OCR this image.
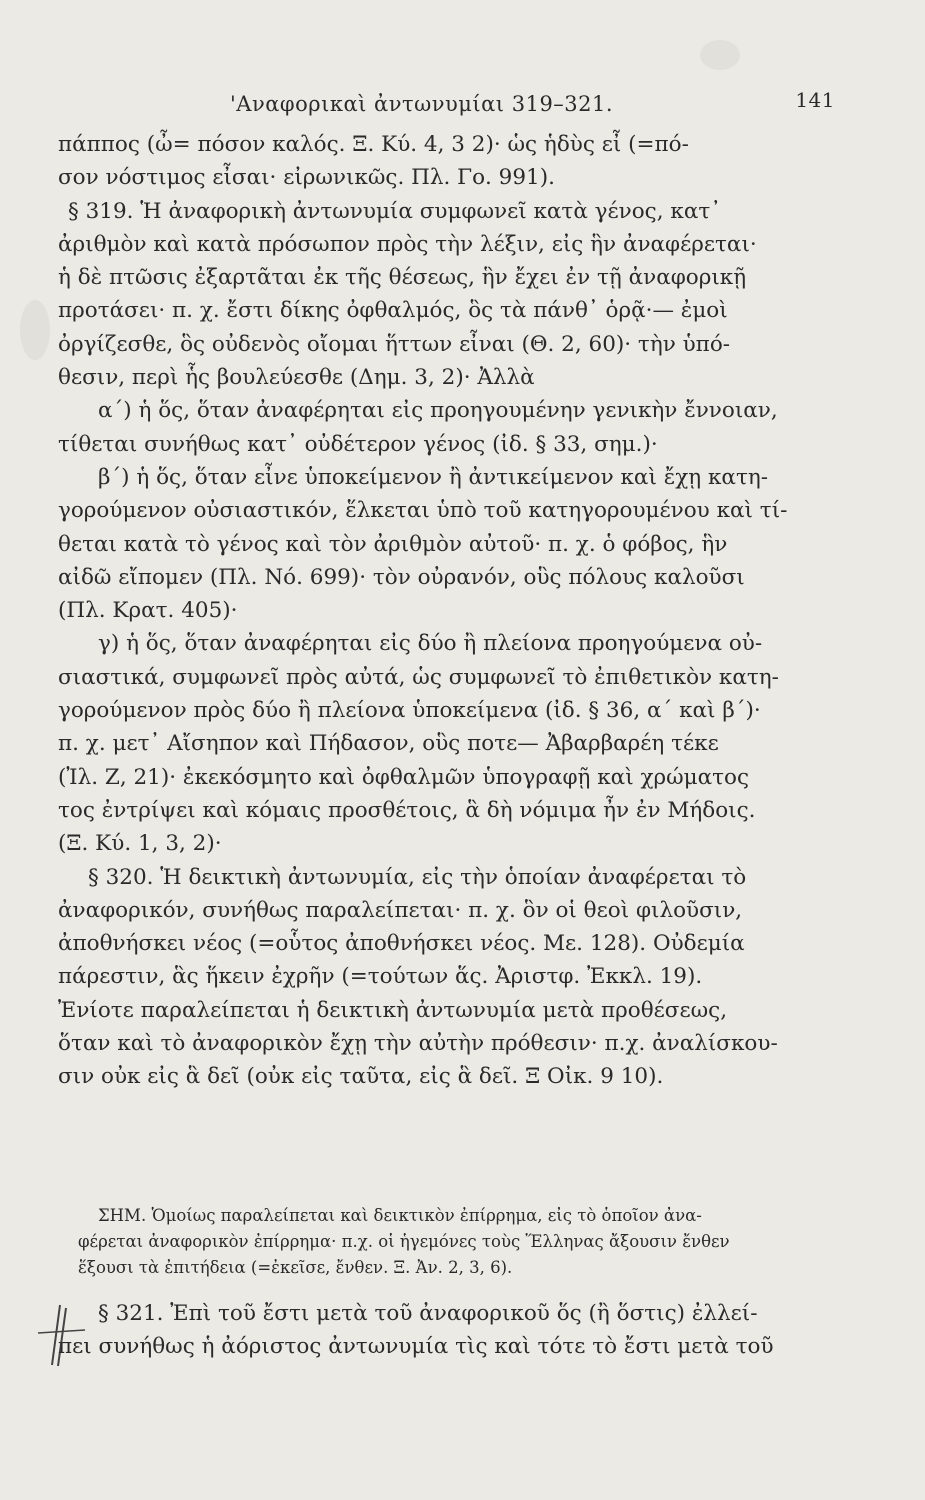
'Αναφορικαὶ ἀντωνυμίαι 319–321.	141
πάππος (ὦ= πόσον καλός. Ξ. Κύ. 4, 3 2)· ὡς ἡδὺς εἶ (=πό-
σον νόστιμος εἶσαι· εἰρωνικῶς. Πλ. Γο. 991).
§ 319. Ἡ ἀναφορικὴ ἀντωνυμία συμφωνεῖ κατὰ γένος, κατ᾽
ἀριθμὸν καὶ κατὰ πρόσωπον πρὸς τὴν λέξιν, εἰς ἣν ἀναφέρεται·
ἡ δὲ πτῶσις ἐξαρτᾶται ἐκ τῆς θέσεως, ἣν ἔχει ἐν τῇ ἀναφορικῇ
προτάσει· π. χ. ἔστι δίκης ὀφθαλμός, ὃς τὰ πάνθ᾽ ὁρᾷ·— ἐμοὶ
ὀργίζεσθε, ὃς οὐδενὸς οἴομαι ἥττων εἶναι (Θ. 2, 60)· τὴν ὑπό-
θεσιν, περὶ ἧς βουλεύεσθε (Δημ. 3, 2)· Ἀλλὰ
α΄) ἡ ὅς, ὅταν ἀναφέρηται εἰς προηγουμένην γενικὴν ἔννοιαν,
τίθεται συνήθως κατ᾽ οὐδέτερον γένος (ἰδ. § 33, σημ.)·
β΄) ἡ ὅς, ὅταν εἶνε ὑποκείμενον ἢ ἀντικείμενον καὶ ἔχῃ κατη-
γορούμενον οὐσιαστικόν, ἕλκεται ὑπὸ τοῦ κατηγορουμένου καὶ τί-
θεται κατὰ τὸ γένος καὶ τὸν ἀριθμὸν αὐτοῦ· π. χ. ὁ φόβος, ἣν
αἰδῶ εἴπομεν (Πλ. Νό. 699)· τὸν οὐρανόν, οὓς πόλους καλοῦσι
(Πλ. Κρατ. 405)·
γ) ἡ ὅς, ὅταν ἀναφέρηται εἰς δύο ἢ πλείονα προηγούμενα οὐ-
σιαστικά, συμφωνεῖ πρὸς αὐτά, ὡς συμφωνεῖ τὸ ἐπιθετικὸν κατη-
γορούμενον πρὸς δύο ἢ πλείονα ὑποκείμενα (ἰδ. § 36, α΄ καὶ β΄)·
π. χ. μετ᾽ Αἴσηπον καὶ Πήδασον, οὓς ποτε— Ἀβαρβαρέη τέκε
(Ἰλ. Ζ, 21)· ἐκεκόσμητο καὶ ὀφθαλμῶν ὑπογραφῇ καὶ χρώματος
τος ἐντρίψει καὶ κόμαις προσθέτοις, ἃ δὴ νόμιμα ἦν ἐν Μήδοις.
(Ξ. Κύ. 1, 3, 2)·
§ 320. Ἡ δεικτικὴ ἀντωνυμία, εἰς τὴν ὁποίαν ἀναφέρεται τὸ
ἀναφορικόν, συνήθως παραλείπεται· π. χ. ὃν οἱ θεοὶ φιλοῦσιν,
ἀποθνήσκει νέος (=οὗτος ἀποθνήσκει νέος. Με. 128). Οὐδεμία
πάρεστιν, ἃς ἥκειν ἐχρῆν (=τούτων ἅς. Ἀριστφ. Ἐκκλ. 19).
Ἐνίοτε παραλείπεται ἡ δεικτικὴ ἀντωνυμία μετὰ προθέσεως,
ὅταν καὶ τὸ ἀναφορικὸν ἔχῃ τὴν αὐτὴν πρόθεσιν· π.χ. ἀναλίσκου-
σιν οὐκ εἰς ἃ δεῖ (οὐκ εἰς ταῦτα, εἰς ἃ δεῖ. Ξ Οἰκ. 9 10).
ΣΗΜ. Ὁμοίως παραλείπεται καὶ δεικτικὸν ἐπίρρημα, εἰς τὸ ὁποῖον ἀνα-
φέρεται ἀναφορικὸν ἐπίρρημα· π.χ. οἱ ἡγεμόνες τοὺς Ἕλληνας ἄξουσιν ἔνθεν
ἕξουσι τὰ ἐπιτήδεια (=ἐκεῖσε, ἔνθεν. Ξ. Ἀν. 2, 3, 6).
§ 321. Ἐπὶ τοῦ ἔστι μετὰ τοῦ ἀναφορικοῦ ὅς (ἢ ὅστις) ἐλλεί-
πει συνήθως ἡ ἀόριστος ἀντωνυμία τὶς καὶ τότε τὸ ἔστι μετὰ τοῦ
